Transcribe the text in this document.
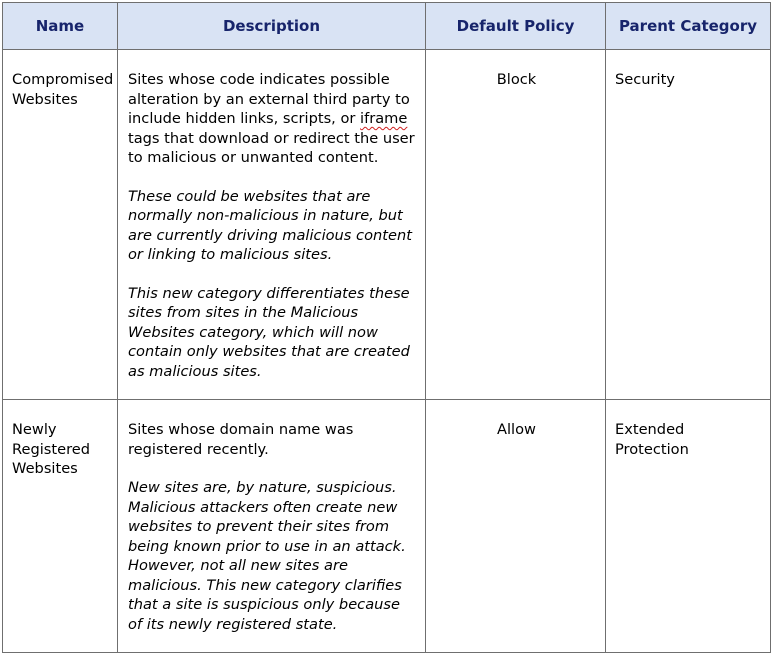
Name	Description	Default Policy	Parent Category
Compromised Websites	Sites whose code indicates possible alteration by an external third party to include hidden links, scripts, or iframe tags that download or redirect the user to malicious or unwanted content.

These could be websites that are normally non-malicious in nature, but are currently driving malicious content or linking to malicious sites.

This new category differentiates these sites from sites in the Malicious Websites category, which will now contain only websites that are created as malicious sites.	Block	Security
Newly Registered Websites	Sites whose domain name was registered recently.

New sites are, by nature, suspicious. Malicious attackers often create new websites to prevent their sites from being known prior to use in an attack. However, not all new sites are malicious. This new category clarifies that a site is suspicious only because of its newly registered state.	Allow	Extended Protection
